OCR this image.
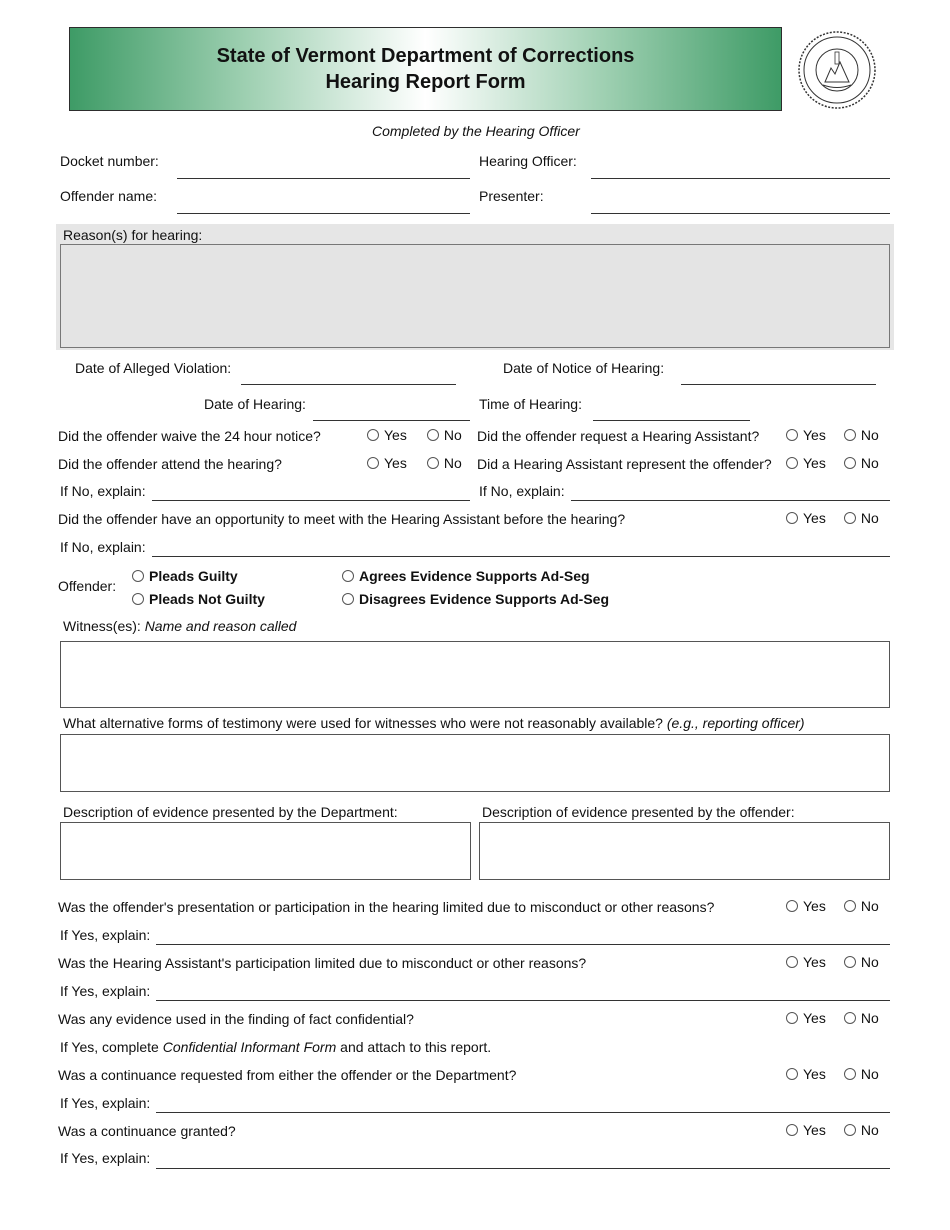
State of Vermont Department of Corrections
Hearing Report Form
Completed by the Hearing Officer
Docket number:	Hearing Officer:
Offender name:	Presenter:
Reason(s) for hearing:
Date of Alleged Violation:	Date of Notice of Hearing:
Date of Hearing:	Time of Hearing:
Did the offender waive the 24 hour notice?	Yes	No Did the offender request a Hearing Assistant?	Yes	No
Did the offender attend the hearing?	Yes	No Did a Hearing Assistant represent the offender? Yes	No
If No, explain:	If No, explain:
Did the offender have an opportunity to meet with the Hearing Assistant before the hearing?	Yes	No
If No, explain:
Offender:
Pleads Guilty
Pleads Not Guilty
Agrees Evidence Supports Ad-Seg
Disagrees Evidence Supports Ad-Seg
Witness(es): Name and reason called
What alternative forms of testimony were used for witnesses who were not reasonably available? (e.g., reporting officer)
Description of evidence presented by the Department:	Description of evidence presented by the offender:
Was the offender's presentation or participation in the hearing limited due to misconduct or other reasons?	Yes	No
If Yes, explain:
Was the Hearing Assistant's participation limited due to misconduct or other reasons?	Yes	No
If Yes, explain:
Was any evidence used in the finding of fact confidential?	Yes	No
If Yes, complete Confidential Informant Form and attach to this report.
Was a continuance requested from either the offender or the Department?	Yes	No
If Yes, explain:
Was a continuance granted?	Yes	No
If Yes, explain:
